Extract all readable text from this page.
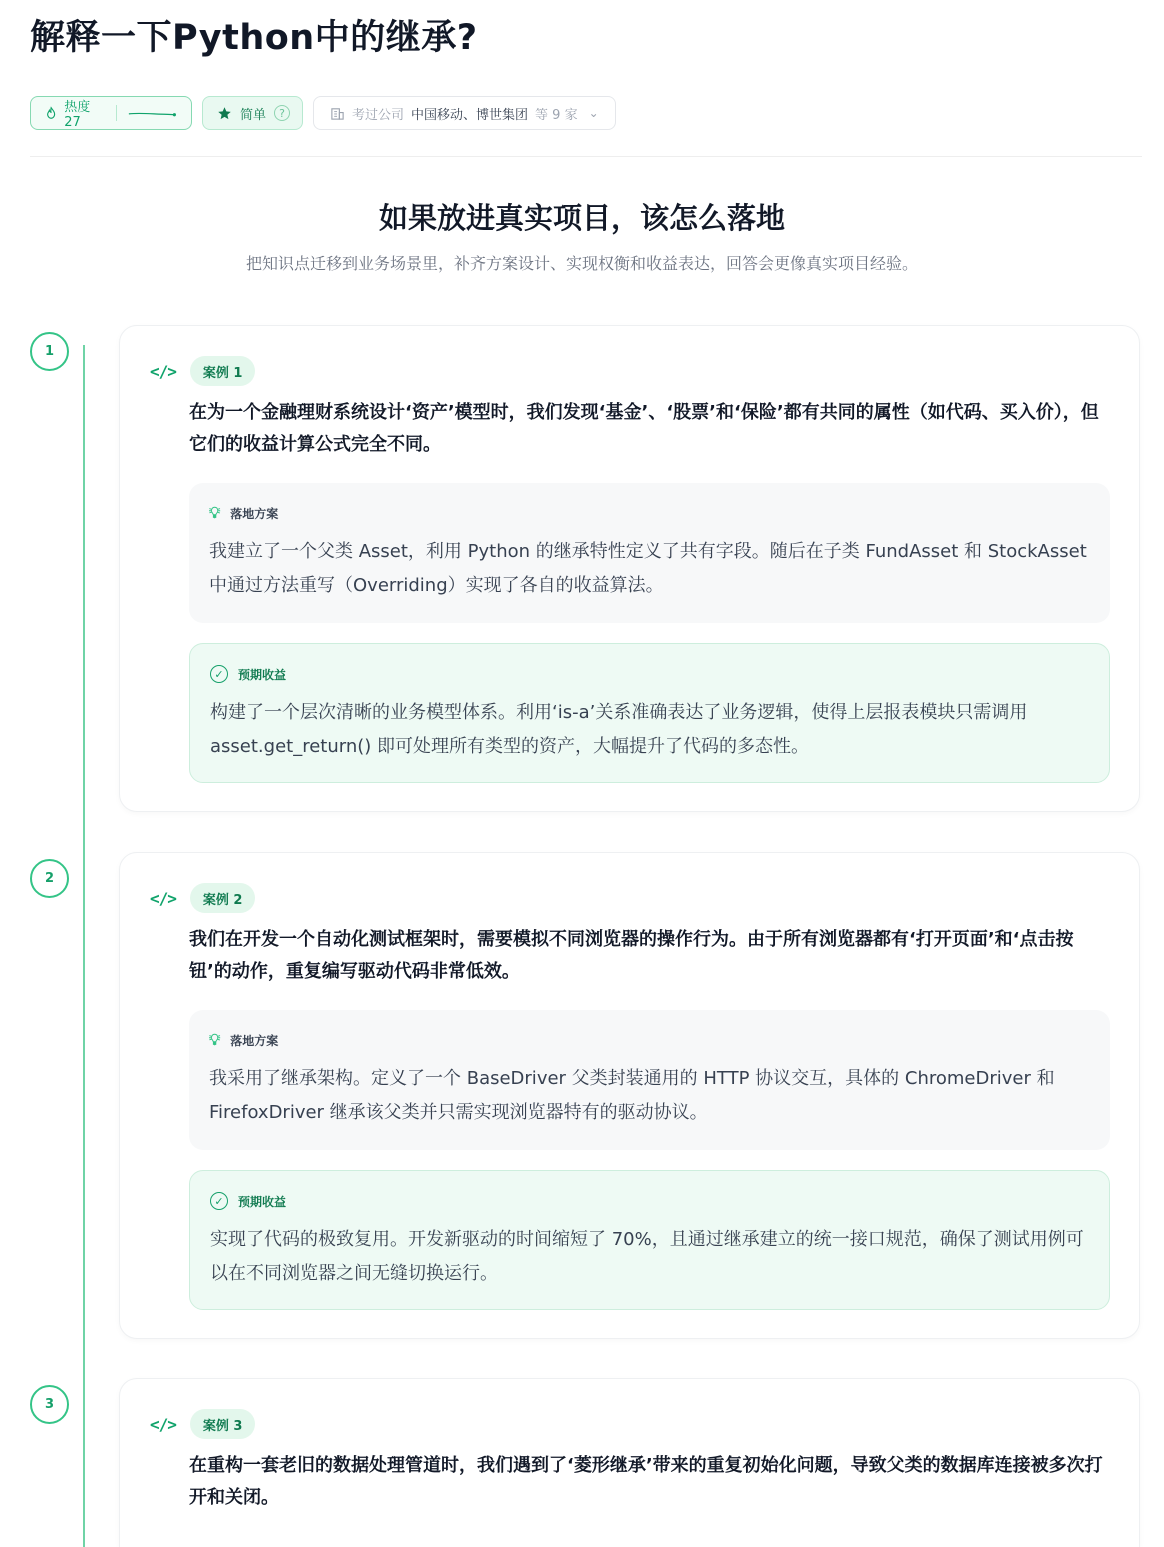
解释一下Python中的继承?
热度 27	简单	?	考过公司 中国移动、博世集团 等 9 家 ⌄
如果放进真实项目，该怎么落地

把知识点迁移到业务场景里，补齐方案设计、实现权衡和收益表达，回答会更像真实项目经验。

1
</>	案例 1
在为一个金融理财系统设计‘资产’模型时，我们发现‘基金’、‘股票’和‘保险’都有共同的属性（如代码、买入价），但它们的收益计算公式完全不同。
💡︎ 落地方案
我建立了一个父类 Asset，利用 Python 的继承特性定义了共有字段。随后在子类 FundAsset 和 StockAsset 中通过方法重写（Overriding）实现了各自的收益算法。
✓	预期收益
构建了一个层次清晰的业务模型体系。利用‘is-a’关系准确表达了业务逻辑，使得上层报表模块只需调用 asset.get_return() 即可处理所有类型的资产，大幅提升了代码的多态性。
2
</>	案例 2
我们在开发一个自动化测试框架时，需要模拟不同浏览器的操作行为。由于所有浏览器都有‘打开页面’和‘点击按钮’的动作，重复编写驱动代码非常低效。
💡︎ 落地方案
我采用了继承架构。定义了一个 BaseDriver 父类封装通用的 HTTP 协议交互，具体的 ChromeDriver 和 FirefoxDriver 继承该父类并只需实现浏览器特有的驱动协议。
✓	预期收益
实现了代码的极致复用。开发新驱动的时间缩短了 70%，且通过继承建立的统一接口规范，确保了测试用例可以在不同浏览器之间无缝切换运行。
3
</>	案例 3
在重构一套老旧的数据处理管道时，我们遇到了‘菱形继承’带来的重复初始化问题，导致父类的数据库连接被多次打开和关闭。
